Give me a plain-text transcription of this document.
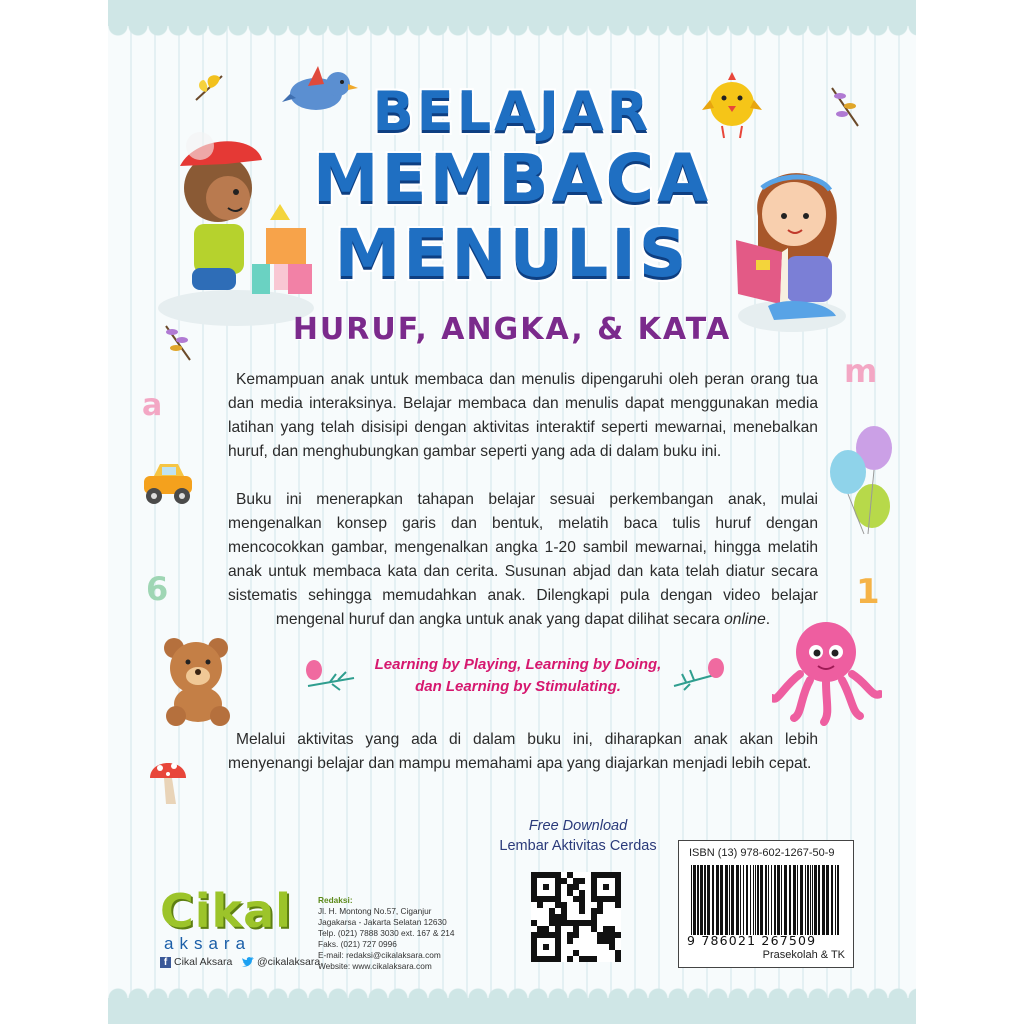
a
6
m
1
BELAJAR
MEMBACA
MENULIS
HURUF, ANGKA, & KATA

Kemampuan anak untuk membaca dan menulis dipengaruhi oleh peran orang tua dan media interaksinya. Belajar membaca dan menulis dapat menggunakan media latihan yang telah disisipi dengan aktivitas interaktif seperti mewarnai, menebalkan huruf, dan menghubungkan gambar seperti yang ada di dalam buku ini.

Buku ini menerapkan tahapan belajar sesuai perkembangan anak, mulai mengenalkan konsep garis dan bentuk, melatih baca tulis huruf dengan mencocokkan gambar, mengenalkan angka 1-20 sambil mewarnai, hingga melatih anak untuk membaca kata dan cerita. Susunan abjad dan kata telah diatur secara sistematis sehingga memudahkan anak. Dilengkapi pula dengan video belajar
mengenal huruf dan angka untuk anak yang dapat dilihat secara online.
Learning by Playing, Learning by Doing,
dan Learning by Stimulating.

Melalui aktivitas yang ada di dalam buku ini, diharapkan anak akan lebih menyenangi belajar dan mampu memahami apa yang diajarkan menjadi lebih cepat.

Free Download
Lembar Aktivitas Cerdas	ISBN (13) 978-602-1267-50-9
9 786021 267509
Prasekolah & TK
Cikal
aksara
f Cikal Aksara @cikalaksara
Redaksi:
Jl. H. Montong No.57, Ciganjur
Jagakarsa - Jakarta Selatan 12630
Telp. (021) 7888 3030 ext. 167 & 214
Faks. (021) 727 0996
E-mail: redaksi@cikalaksara.com
Website: www.cikalaksara.com
